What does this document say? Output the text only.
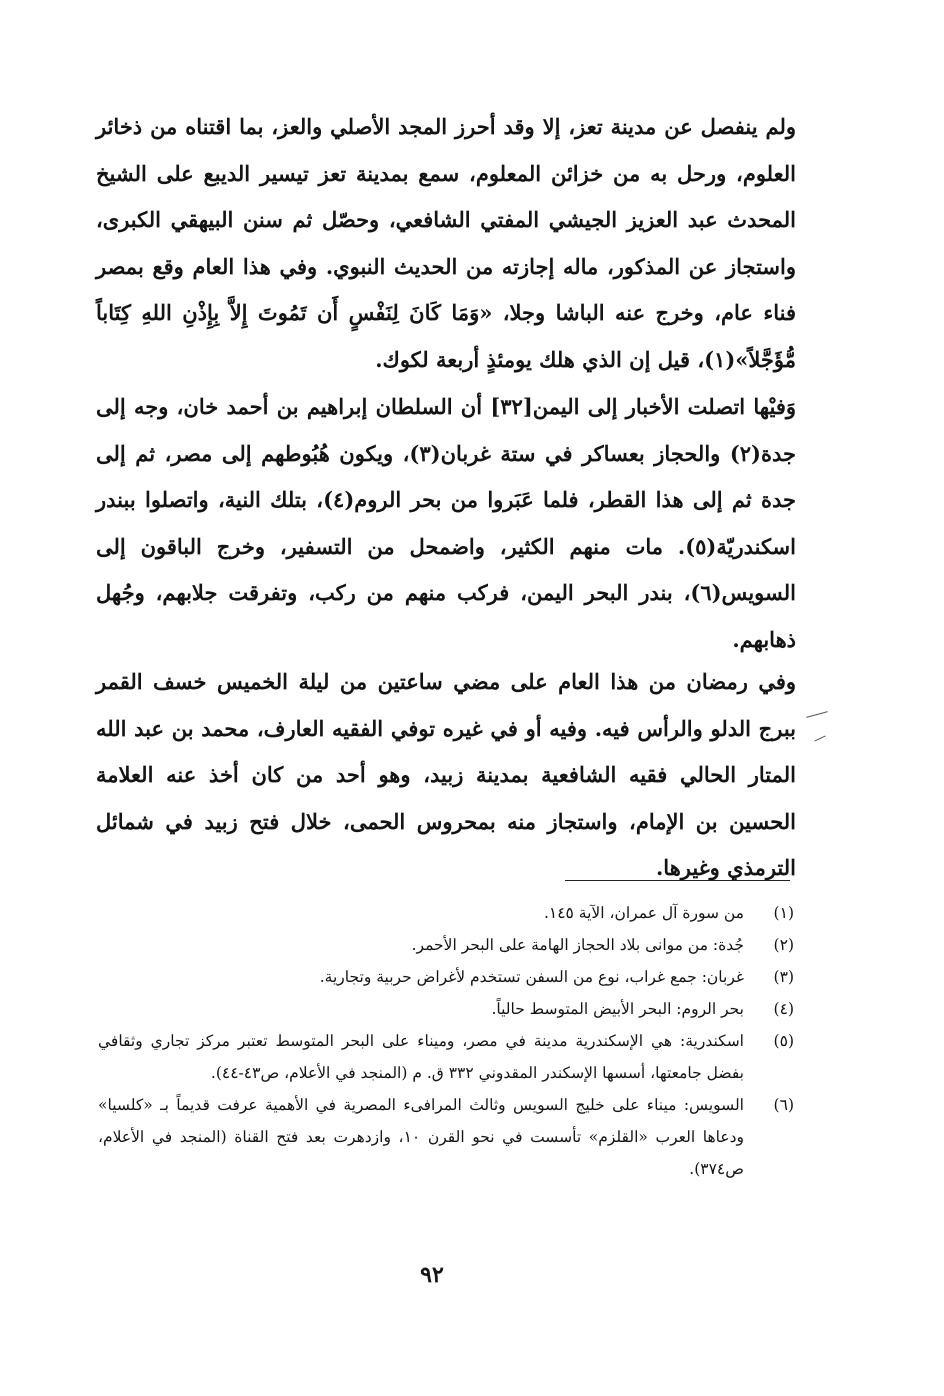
ولم ينفصل عن مدينة تعز، إلا وقد أحرز المجد الأصلي والعز، بما اقتناه من ذخائر العلوم، ورحل به من خزائن المعلوم، سمع بمدينة تعز تيسير الديبع على الشيخ المحدث عبد العزيز الجيشي المفتي الشافعي، وحصّل ثم سنن البيهقي الكبرى، واستجاز عن المذكور، ماله إجازته من الحديث النبوي. وفي هذا العام وقع بمصر فناء عام، وخرج عنه الباشا وجلا، «وَمَا كَانَ لِنَفْسٍ أَن تَمُوتَ إِلاَّ بِإِذْنِ اللهِ كِتَاباً مُّؤَجَّلاً»(١)، قيل إن الذي هلك يومئذٍ أربعة لكوك.

وَفيْها اتصلت الأخبار إلى اليمن[٣٢] أن السلطان إبراهيم بن أحمد خان، وجه إلى جدة(٢) والحجاز بعساكر في ستة غربان(٣)، ويكون هُبُوطهم إلى مصر، ثم إلى جدة ثم إلى هذا القطر، فلما عَبَروا من بحر الروم(٤)، بتلك النية، واتصلوا ببندر اسكندريّة(٥). مات منهم الكثير، واضمحل من التسفير، وخرج الباقون إلى السويس(٦)، بندر البحر اليمن، فركب منهم من ركب، وتفرقت جلابهم، وجُهل ذهابهم.

وفي رمضان من هذا العام على مضي ساعتين من ليلة الخميس خسف القمر ببرج الدلو والرأس فيه. وفيه أو في غيره توفي الفقيه العارف، محمد بن عبد الله المتار الحالي فقيه الشافعية بمدينة زبيد، وهو أحد من كان أخذ عنه العلامة الحسين بن الإمام، واستجاز منه بمحروس الحمى، خلال فتح زبيد في شمائل الترمذي وغيرها.

(١)
من سورة آل عمران، الآية ١٤٥.
(٢)
جُدة: من موانى بلاد الحجاز الهامة على البحر الأحمر.
(٣)
غربان: جمع غراب، نوع من السفن تستخدم لأغراض حربية وتجارية.
(٤)
بحر الروم: البحر الأبيض المتوسط حالياً.
(٥)
اسكندرية: هي الإسكندرية مدينة في مصر، وميناء على البحر المتوسط تعتبر مركز تجاري وثقافي بفضل جامعتها، أسسها الإسكندر المقدوني ٣٣٢ ق. م (المنجد في الأعلام، ص٤٣-٤٤).
(٦)
السويس: ميناء على خليج السويس وثالث المرافىء المصرية في الأهمية عرفت قديماً بـ «كلسيا» ودعاها العرب «القلزم» تأسست في نحو القرن ١٠، وازدهرت بعد فتح القناة (المنجد في الأعلام، ص٣٧٤).
٩٢
